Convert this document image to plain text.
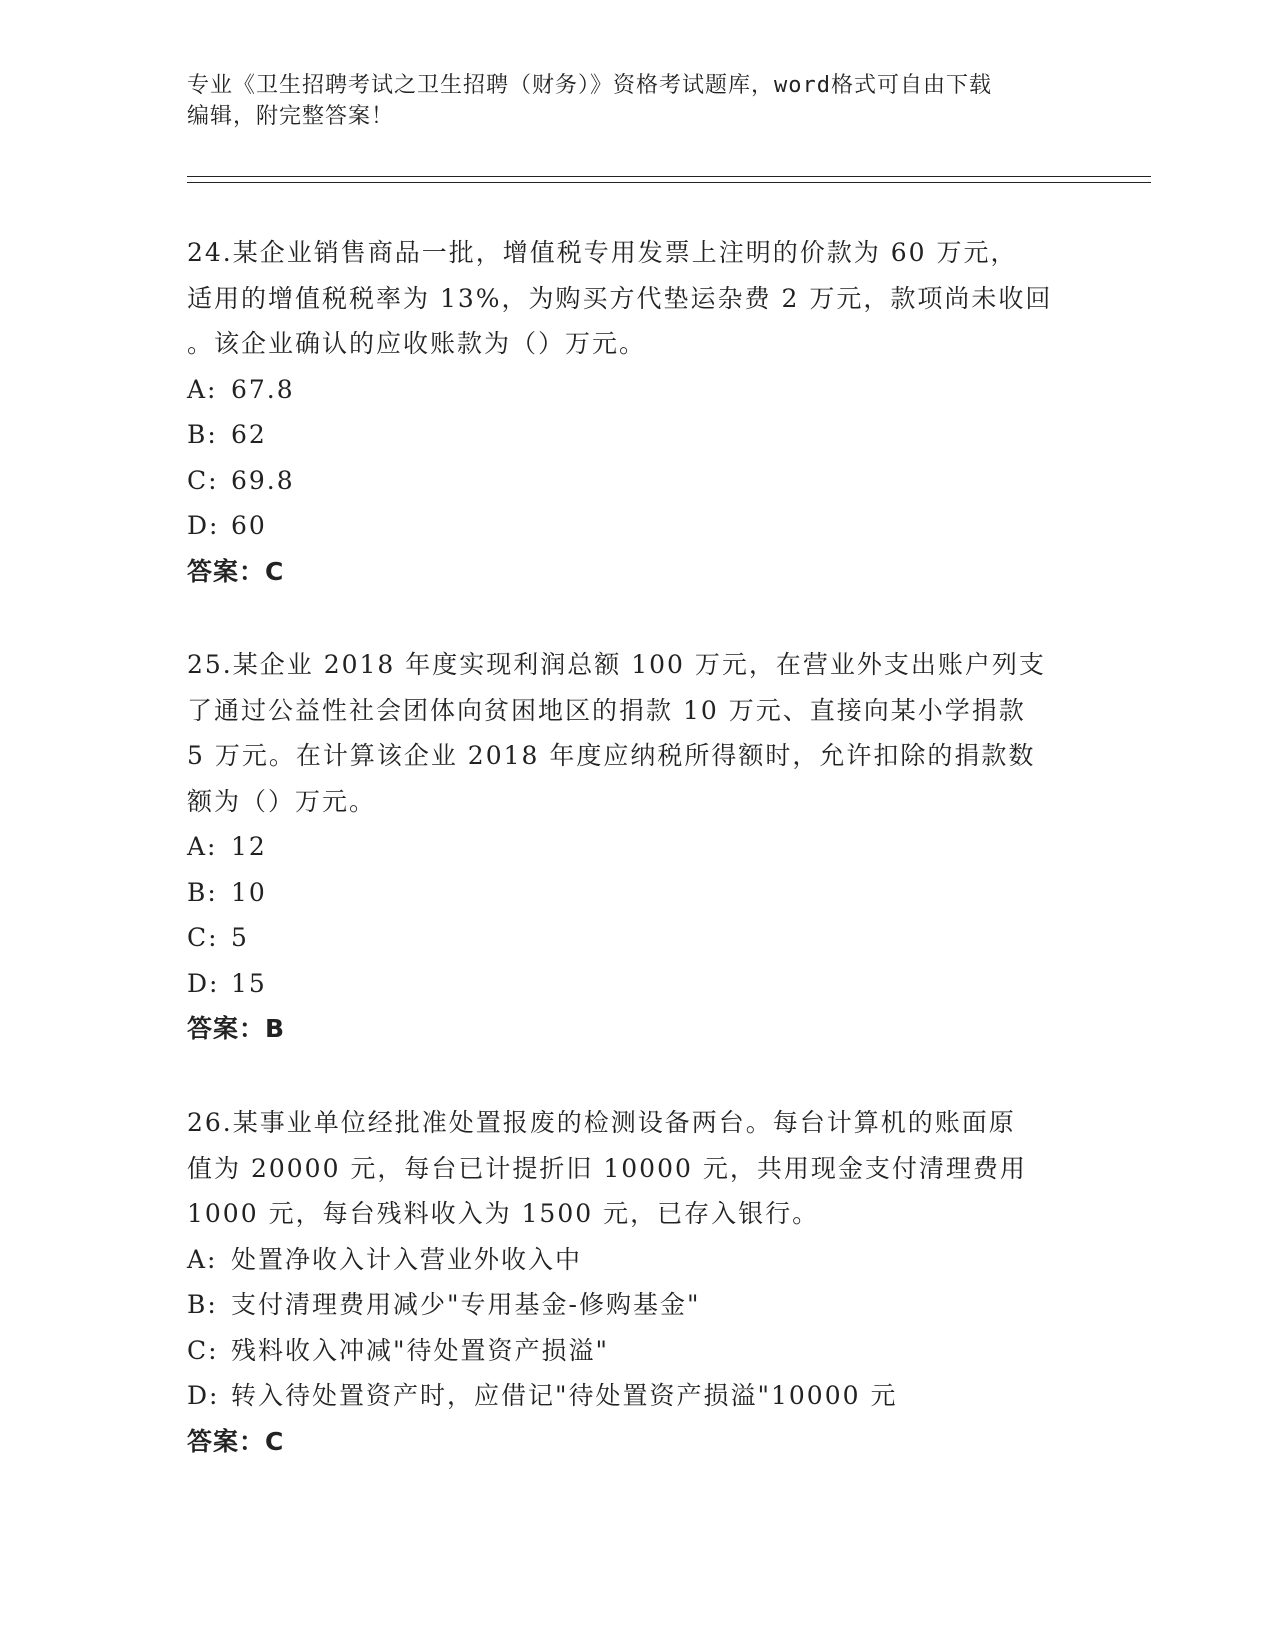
专业《卫生招聘考试之卫生招聘（财务）》资格考试题库，word格式可自由下载
编辑，附完整答案！

24.某企业销售商品一批，增值税专用发票上注明的价款为 60 万元，

适用的增值税税率为 13%，为购买方代垫运杂费 2 万元，款项尚未收回

。该企业确认的应收账款为（）万元。

A: 67.8

B: 62

C: 69.8

D: 60

答案：C

25.某企业 2018 年度实现利润总额 100 万元，在营业外支出账户列支

了通过公益性社会团体向贫困地区的捐款 10 万元、直接向某小学捐款

5 万元。在计算该企业 2018 年度应纳税所得额时，允许扣除的捐款数

额为（）万元。

A: 12

B: 10

C: 5

D: 15

答案：B

26.某事业单位经批准处置报废的检测设备两台。每台计算机的账面原

值为 20000 元，每台已计提折旧 10000 元，共用现金支付清理费用

1000 元，每台残料收入为 1500 元，已存入银行。

A: 处置净收入计入营业外收入中

B: 支付清理费用减少"专用基金-修购基金"

C: 残料收入冲减"待处置资产损溢"

D: 转入待处置资产时，应借记"待处置资产损溢"10000 元

答案：C
